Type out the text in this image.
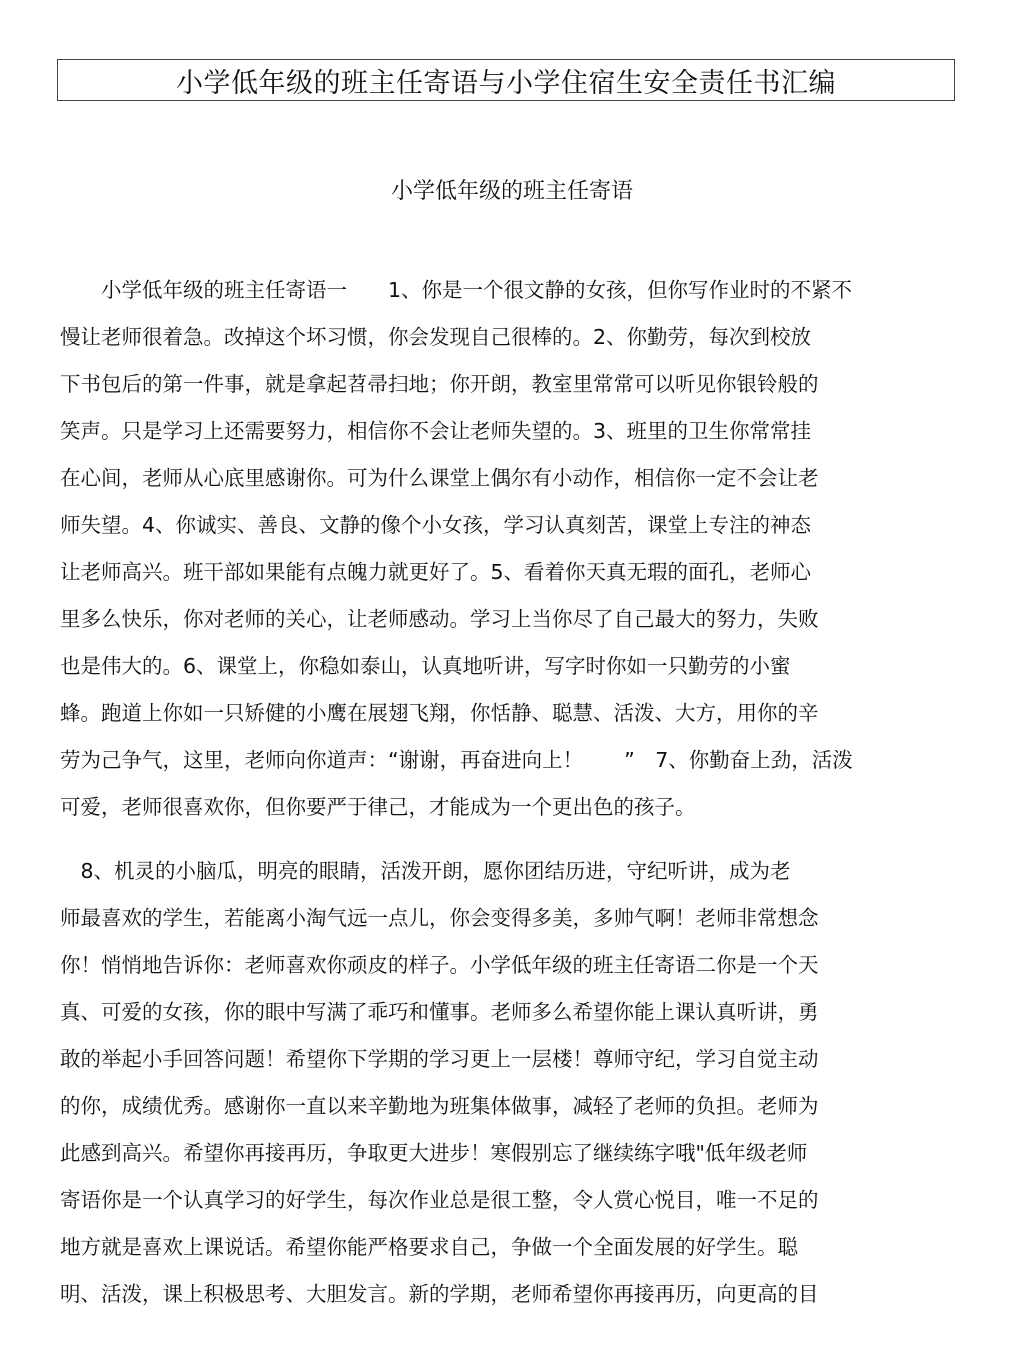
小学低年级的班主任寄语与小学住宿生安全责任书汇编
小学低年级的班主任寄语
　　小学低年级的班主任寄语一　　1、你是一个很文静的女孩，但你写作业时的不紧不
慢让老师很着急。改掉这个坏习惯，你会发现自己很棒的。2、你勤劳，每次到校放
下书包后的第一件事，就是拿起苕帚扫地；你开朗，教室里常常可以听见你银铃般的
笑声。只是学习上还需要努力，相信你不会让老师失望的。3、班里的卫生你常常挂
在心间，老师从心底里感谢你。可为什么课堂上偶尔有小动作，相信你一定不会让老
师失望。4、你诚实、善良、文静的像个小女孩，学习认真刻苦，课堂上专注的神态
让老师高兴。班干部如果能有点魄力就更好了。5、看着你天真无瑕的面孔，老师心
里多么快乐，你对老师的关心，让老师感动。学习上当你尽了自己最大的努力，失败
也是伟大的。6、课堂上，你稳如泰山，认真地听讲，写字时你如一只勤劳的小蜜
蜂。跑道上你如一只矫健的小鹰在展翅飞翔，你恬静、聪慧、活泼、大方，用你的辛
劳为己争气，这里，老师向你道声：“谢谢，再奋进向上！　　”　7、你勤奋上劲，活泼
可爱，老师很喜欢你，但你要严于律己，才能成为一个更出色的孩子。
　8、机灵的小脑瓜，明亮的眼睛，活泼开朗，愿你团结历进，守纪听讲，成为老
师最喜欢的学生，若能离小淘气远一点儿，你会变得多美，多帅气啊！老师非常想念
你！悄悄地告诉你：老师喜欢你顽皮的样子。小学低年级的班主任寄语二你是一个天
真、可爱的女孩，你的眼中写满了乖巧和懂事。老师多么希望你能上课认真听讲，勇
敢的举起小手回答问题！希望你下学期的学习更上一层楼！尊师守纪，学习自觉主动
的你，成绩优秀。感谢你一直以来辛勤地为班集体做事，减轻了老师的负担。老师为
此感到高兴。希望你再接再历，争取更大进步！寒假别忘了继续练字哦"低年级老师
寄语你是一个认真学习的好学生，每次作业总是很工整，令人赏心悦目，唯一不足的
地方就是喜欢上课说话。希望你能严格要求自己，争做一个全面发展的好学生。聪
明、活泼，课上积极思考、大胆发言。新的学期，老师希望你再接再历，向更高的目
